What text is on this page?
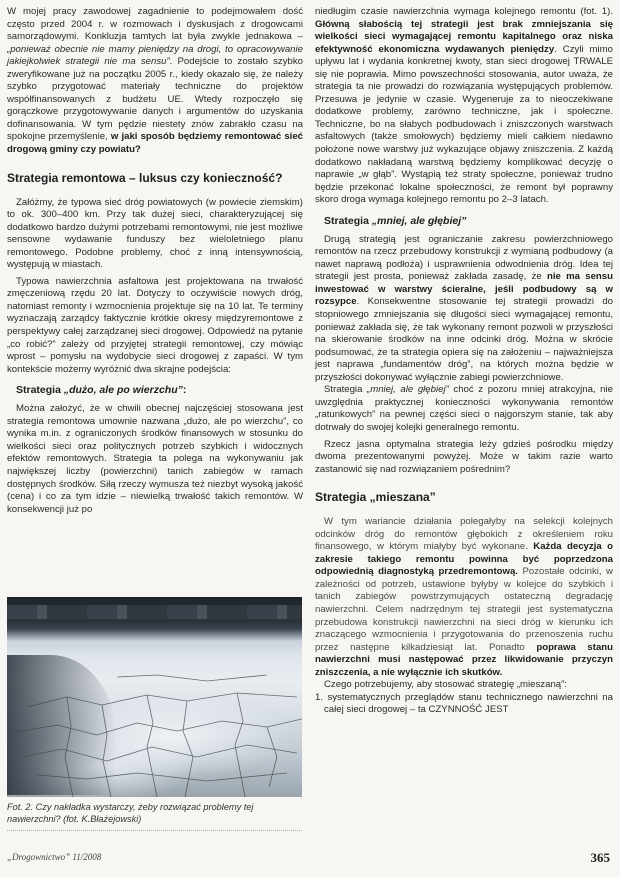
W mojej pracy zawodowej zagadnienie to podejmowałem dość często przed 2004 r. w rozmowach i dyskusjach z drogowcami samorządowymi. Konkluzja tamtych lat była zwykle jednakowa – „ponieważ obecnie nie mamy pieniędzy na drogi, to opracowywanie jakiejkolwiek strategii nie ma sensu”. Podejście to zostało szybko zweryfikowane już na początku 2005 r., kiedy okazało się, że należy szybko przygotować materiały techniczne do projektów współfinansowanych z budżetu UE. Wtedy rozpoczęło się gorączkowe przygotowywanie danych i argumentów do uzyskania dofinansowania. W tym pędzie niestety znów zabrakło czasu na spokojne przemyślenie, w jaki sposób będziemy remontować sieć drogową gminy czy powiatu?

Strategia remontowa – luksus czy konieczność?

Załóżmy, że typowa sieć dróg powiatowych (w powiecie ziemskim) to ok. 300–400 km. Przy tak dużej sieci, charakteryzującej się dodatkowo bardzo dużymi potrzebami remontowymi, nie jest możliwe sensowne wydawanie funduszy bez wieloletniego planu remontowego. Podobne problemy, choć z inną intensywnością, występują w miastach.

Typowa nawierzchnia asfaltowa jest projektowana na trwałość zmęczeniową rzędu 20 lat. Dotyczy to oczywiście nowych dróg, natomiast remonty i wzmocnienia projektuje się na 10 lat. Te terminy wyznaczają zarządcy faktycznie krótkie okresy międzyremontowe z perspektywy całej zarządzanej sieci drogowej. Odpowiedź na pytanie „co robić?” zależy od przyjętej strategii remontowej, czy mówiąc wprost – pomysłu na wydobycie sieci drogowej z zapaści. W tym kontekście możemy wyróżnić dwa skrajne podejścia:

Strategia „dużo, ale po wierzchu”:

Można założyć, że w chwili obecnej najczęściej stosowana jest strategia remontowa umownie nazwana „dużo, ale po wierzchu”, co wynika m.in. z ograniczonych środków finansowych w stosunku do wielkości sieci oraz politycznych potrzeb szybkich i widocznych efektów remontowych. Strategia ta polega na wykonywaniu jak największej liczby (powierzchni) tanich zabiegów w ramach dostępnych środków. Siłą rzeczy wymusza też niezbyt wysoką jakość (cena) i co za tym idzie – niewielką trwałość takich remontów. W konsekwencji już po

Fot. 2. Czy nakładka wystarczy, żeby rozwiązać problemy tej nawierzchni? (fot. K.Błażejowski)

niedługim czasie nawierzchnia wymaga kolejnego remontu (fot. 1). Główną słabością tej strategii jest brak zmniejszania się wielkości sieci wymagającej remontu kapitalnego oraz niska efektywność ekonomiczna wydawanych pieniędzy. Czyli mimo upływu lat i wydania konkretnej kwoty, stan sieci drogowej TRWALE się nie poprawia. Mimo powszechności stosowania, autor uważa, że strategia ta nie prowadzi do rozwiązania występujących problemów. Przesuwa je jedynie w czasie. Wygeneruje za to nieoczekiwane dodatkowe problemy, zarówno techniczne, jak i społeczne. Techniczne, bo na słabych podbudowach i zniszczonych warstwach asfaltowych (także smołowych) będziemy mieli całkiem niedawno położone nowe warstwy już wykazujące objawy zniszczenia. Z każdą dodatkowo nakładaną warstwą będziemy komplikować decyzję o naprawie „w głąb”. Wystąpią też straty społeczne, ponieważ trudno będzie przekonać lokalne społeczności, że remont był poprawny skoro droga wymaga kolejnego remontu po 2–3 latach.

Strategia „mniej, ale głębiej”

Drugą strategią jest ograniczanie zakresu powierzchniowego remontów na rzecz przebudowy konstrukcji z wymianą podbudowy (a nawet naprawą podłoża) i usprawnienia odwodnienia dróg. Idea tej strategii jest prosta, ponieważ zakłada zasadę, że nie ma sensu inwestować w warstwy ścieralne, jeśli podbudowy są w rozsypce. Konsekwentne stosowanie tej strategii prowadzi do stopniowego zmniejszania się długości sieci wymagającej remontu, ponieważ zakłada się, że tak wykonany remont pozwoli w przyszłości na skierowanie środków na inne odcinki dróg. Można w skrócie podsumować, że ta strategia opiera się na założeniu – najważniejsza jest naprawa „fundamentów dróg”, na których można będzie w przyszłości dokonywać wyłącznie zabiegi powierzchniowe.

Strategia „mniej, ale głębiej” choć z pozoru mniej atrakcyjna, nie uwzględnia praktycznej konieczności wykonywania remontów „ratunkowych” na pewnej części sieci o najgorszym stanie, tak aby dotrwały do swojej kolejki generalnego remontu.

Rzecz jasna optymalna strategia leży gdzieś pośrodku między dwoma prezentowanymi powyżej. Może w takim razie warto zastanowić się nad rozwiązaniem pośrednim?

Strategia „mieszana”

W tym wariancie działania polegałyby na selekcji kolejnych odcinków dróg do remontów głębokich z określeniem roku finansowego, w którym miałyby być wykonane. Każda decyzja o zakresie takiego remontu powinna być poprzedzona odpowiednią diagnostyką przedremontową. Pozostałe odcinki, w zależności od potrzeb, ustawione byłyby w kolejce do szybkich i tanich zabiegów powstrzymujących ostateczną degradację nawierzchni. Celem nadrzędnym tej strategii jest systematyczna przebudowa konstrukcji nawierzchni na sieci dróg w kierunku ich znaczącego wzmocnienia i przygotowania do przenoszenia ruchu przez następne kilkadziesiąt lat. Ponadto poprawa stanu nawierzchni musi następować przez likwidowanie przyczyn zniszczenia, a nie wyłącznie ich skutków.

Czego potrzebujemy, aby stosować strategię „mieszaną”:

1. systematycznych przeglądów stanu technicznego nawierzchni na całej sieci drogowej – ta CZYNNOŚĆ JEST

„Drogownictwo” 11/2008	365
